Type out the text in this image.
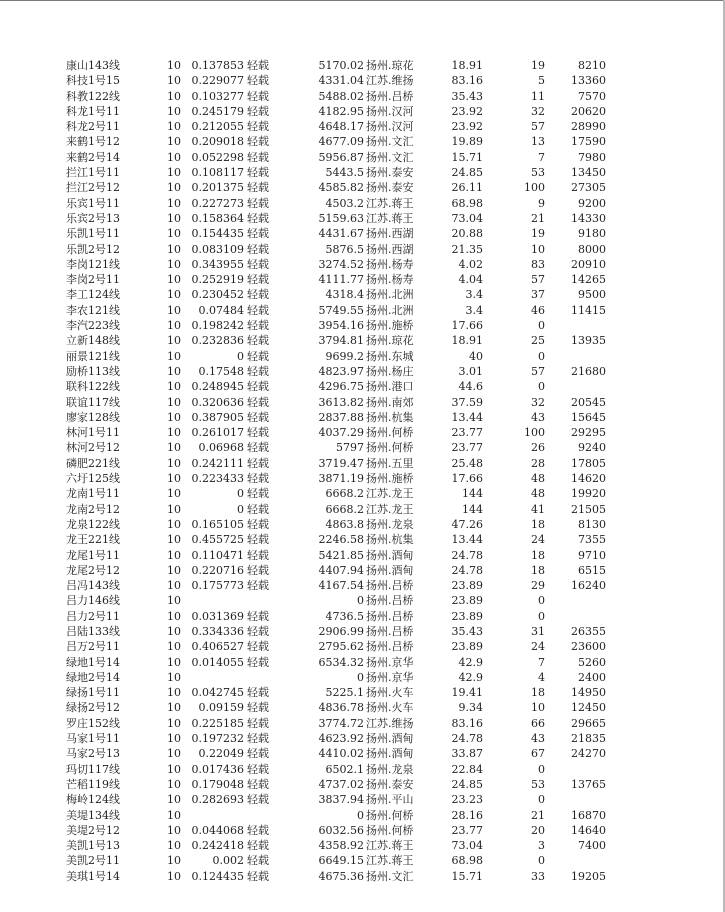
康山143线	10 0.137853 轻载	5170.02 扬州.琼花	18.91	19	8210
科技1号15	10 0.229077 轻载	4331.04 江苏.维扬	83.16	5	13360
科教122线	10 0.103277 轻载	5488.02 扬州.吕桥	35.43	11	7570
科龙1号11	10 0.245179 轻载	4182.95 扬州.汉河	23.92	32	20620
科龙2号11	10 0.212055 轻载	4648.17 扬州.汉河	23.92	57	28990
来鹤1号12	10 0.209018 轻载	4677.09 扬州.文汇	19.89	13	17590
来鹤2号14	10 0.052298 轻载	5956.87 扬州.文汇	15.71	7	7980
拦江1号11	10 0.108117 轻载	5443.5 扬州.泰安	24.85	53	13450
拦江2号12	10 0.201375 轻载	4585.82 扬州.泰安	26.11	100	27305
乐宾1号11	10 0.227273 轻载	4503.2 江苏.蒋王	68.98	9	9200
乐宾2号13	10 0.158364 轻载	5159.63 江苏.蒋王	73.04	21	14330
乐凯1号11	10 0.154435 轻载	4431.67 扬州.西湖	20.88	19	9180
乐凯2号12	10 0.083109 轻载	5876.5 扬州.西湖	21.35	10	8000
李岗121线	10 0.343955 轻载	3274.52 扬州.杨寿	4.02	83	20910
李岗2号11	10 0.252919 轻载	4111.77 扬州.杨寿	4.04	57	14265
李工124线	10 0.230452 轻载	4318.4 扬州.北洲	3.4	37	9500
李农121线	10	0.07484 轻载	5749.55 扬州.北洲	3.4	46	11415
李汽223线	10 0.198242 轻载	3954.16 扬州.施桥	17.66	0
立新148线	10 0.232836 轻载	3794.81 扬州.琼花	18.91	25	13935
丽景121线	10	0 轻载	9699.2 扬州.东城	40	0
励桥113线	10	0.17548 轻载	4823.97 扬州.杨庄	3.01	57	21680
联科122线	10 0.248945 轻载	4296.75 扬州.港口	44.6	0
联谊117线	10 0.320636 轻载	3613.82 扬州.南郊	37.59	32	20545
廖家128线	10 0.387905 轻载	2837.88 扬州.杭集	13.44	43	15645
林河1号11	10 0.261017 轻载	4037.29 扬州.何桥	23.77	100	29295
林河2号12	10	0.06968 轻载	5797 扬州.何桥	23.77	26	9240
磷肥221线	10 0.242111 轻载	3719.47 扬州.五里	25.48	28	17805
六圩125线	10 0.223433 轻载	3871.19 扬州.施桥	17.66	48	14620
龙南1号11	10	0 轻载	6668.2 江苏.龙王	144	48	19920
龙南2号12	10	0 轻载	6668.2 江苏.龙王	144	41	21505
龙泉122线	10 0.165105 轻载	4863.8 扬州.龙泉	47.26	18	8130
龙王221线	10 0.455725 轻载	2246.58 扬州.杭集	13.44	24	7355
龙尾1号11	10 0.110471 轻载	5421.85 扬州.酒甸	24.78	18	9710
龙尾2号12	10 0.220716 轻载	4407.94 扬州.酒甸	24.78	18	6515
吕冯143线	10 0.175773 轻载	4167.54 扬州.吕桥	23.89	29	16240
吕力146线	10	0 扬州.吕桥	23.89	0
吕力2号11	10 0.031369 轻载	4736.5 扬州.吕桥	23.89	0
吕陆133线	10 0.334336 轻载	2906.99 扬州.吕桥	35.43	31	26355
吕万2号11	10 0.406527 轻载	2795.62 扬州.吕桥	23.89	24	23600
绿地1号14	10 0.014055 轻载	6534.32 扬州.京华	42.9	7	5260
绿地2号14	10	0 扬州.京华	42.9	4	2400
绿扬1号11	10 0.042745 轻载	5225.1 扬州.火车	19.41	18	14950
绿扬2号12	10	0.09159 轻载	4836.78 扬州.火车	9.34	10	12450
罗庄152线	10 0.225185 轻载	3774.72 江苏.维扬	83.16	66	29665
马家1号11	10 0.197232 轻载	4623.92 扬州.酒甸	24.78	43	21835
马家2号13	10	0.22049 轻载	4410.02 扬州.酒甸	33.87	67	24270
玛切117线	10 0.017436 轻载	6502.1 扬州.龙泉	22.84	0
芒稻119线	10 0.179048 轻载	4737.02 扬州.泰安	24.85	53	13765
梅岭124线	10 0.282693 轻载	3837.94 扬州.平山	23.23	0
美堤134线	10	0 扬州.何桥	28.16	21	16870
美堤2号12	10 0.044068 轻载	6032.56 扬州.何桥	23.77	20	14640
美凯1号13	10 0.242418 轻载	4358.92 江苏.蒋王	73.04	3	7400
美凯2号11	10	0.002 轻载	6649.15 江苏.蒋王	68.98	0
美琪1号14	10 0.124435 轻载	4675.36 扬州.文汇	15.71	33	19205
